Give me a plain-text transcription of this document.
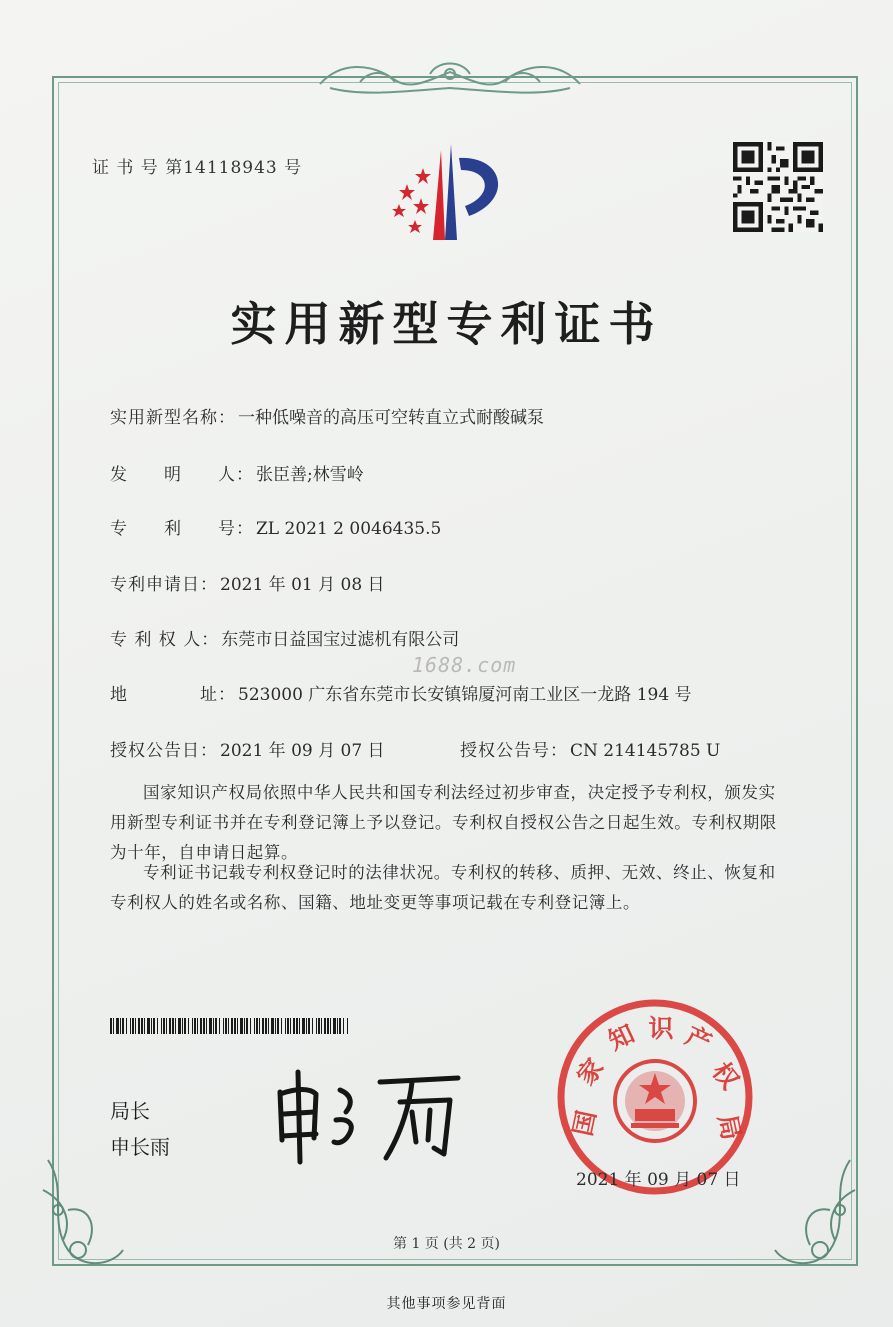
证 书 号 第14118943 号
实用新型专利证书
实用新型名称： 一种低噪音的高压可空转直立式耐酸碱泵
发　　明　　人： 张臣善;林雪岭
专　　利　　号： ZL 2021 2 0046435.5
专利申请日： 2021 年 01 月 08 日
专 利 权 人： 东莞市日益国宝过滤机有限公司
1688.com
地　　　　址： 523000 广东省东莞市长安镇锦厦河南工业区一龙路 194 号
授权公告日： 2021 年 09 月 07 日	授权公告号： CN 214145785 U
国家知识产权局依照中华人民共和国专利法经过初步审查，决定授予专利权，颁发实用新型专利证书并在专利登记簿上予以登记。专利权自授权公告之日起生效。专利权期限为十年，自申请日起算。
专利证书记载专利权登记时的法律状况。专利权的转移、质押、无效、终止、恢复和专利权人的姓名或名称、国籍、地址变更等事项记载在专利登记簿上。
局长
申长雨
国
家
知 识 产
权
局
2021 年 09 月 07 日
第 1 页 (共 2 页)
其他事项参见背面
